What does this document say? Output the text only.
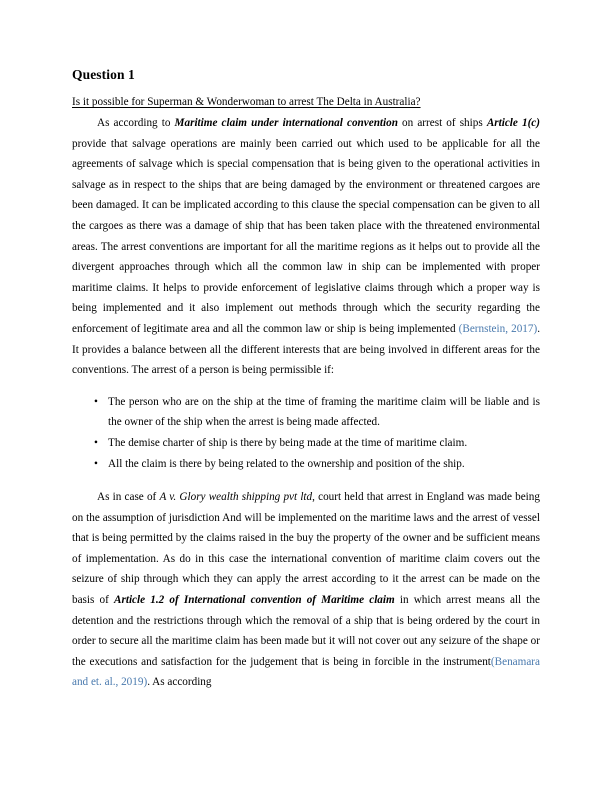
Question 1

Is it possible for Superman & Wonderwoman to arrest The Delta in Australia?

As according to Maritime claim under international convention on arrest of ships Article 1(c) provide that salvage operations are mainly been carried out which used to be applicable for all the agreements of salvage which is special compensation that is being given to the operational activities in salvage as in respect to the ships that are being damaged by the environment or threatened cargoes are been damaged. It can be implicated according to this clause the special compensation can be given to all the cargoes as there was a damage of ship that has been taken place with the threatened environmental areas. The arrest conventions are important for all the maritime regions as it helps out to provide all the divergent approaches through which all the common law in ship can be implemented with proper maritime claims. It helps to provide enforcement of legislative claims through which a proper way is being implemented and it also implement out methods through which the security regarding the enforcement of legitimate area and all the common law or ship is being implemented (Bernstein, 2017). It provides a balance between all the different interests that are being involved in different areas for the conventions. The arrest of a person is being permissible if:

• The person who are on the ship at the time of framing the maritime claim will be liable and is the owner of the ship when the arrest is being made affected.
• The demise charter of ship is there by being made at the time of maritime claim.
• All the claim is there by being related to the ownership and position of the ship.

As in case of A v. Glory wealth shipping pvt ltd, court held that arrest in England was made being on the assumption of jurisdiction And will be implemented on the maritime laws and the arrest of vessel that is being permitted by the claims raised in the buy the property of the owner and be sufficient means of implementation. As do in this case the international convention of maritime claim covers out the seizure of ship through which they can apply the arrest according to it the arrest can be made on the basis of Article 1.2 of International convention of Maritime claim in which arrest means all the detention and the restrictions through which the removal of a ship that is being ordered by the court in order to secure all the maritime claim has been made but it will not cover out any seizure of the shape or the executions and satisfaction for the judgement that is being in forcible in the instrument(Benamara and et. al., 2019). As according
